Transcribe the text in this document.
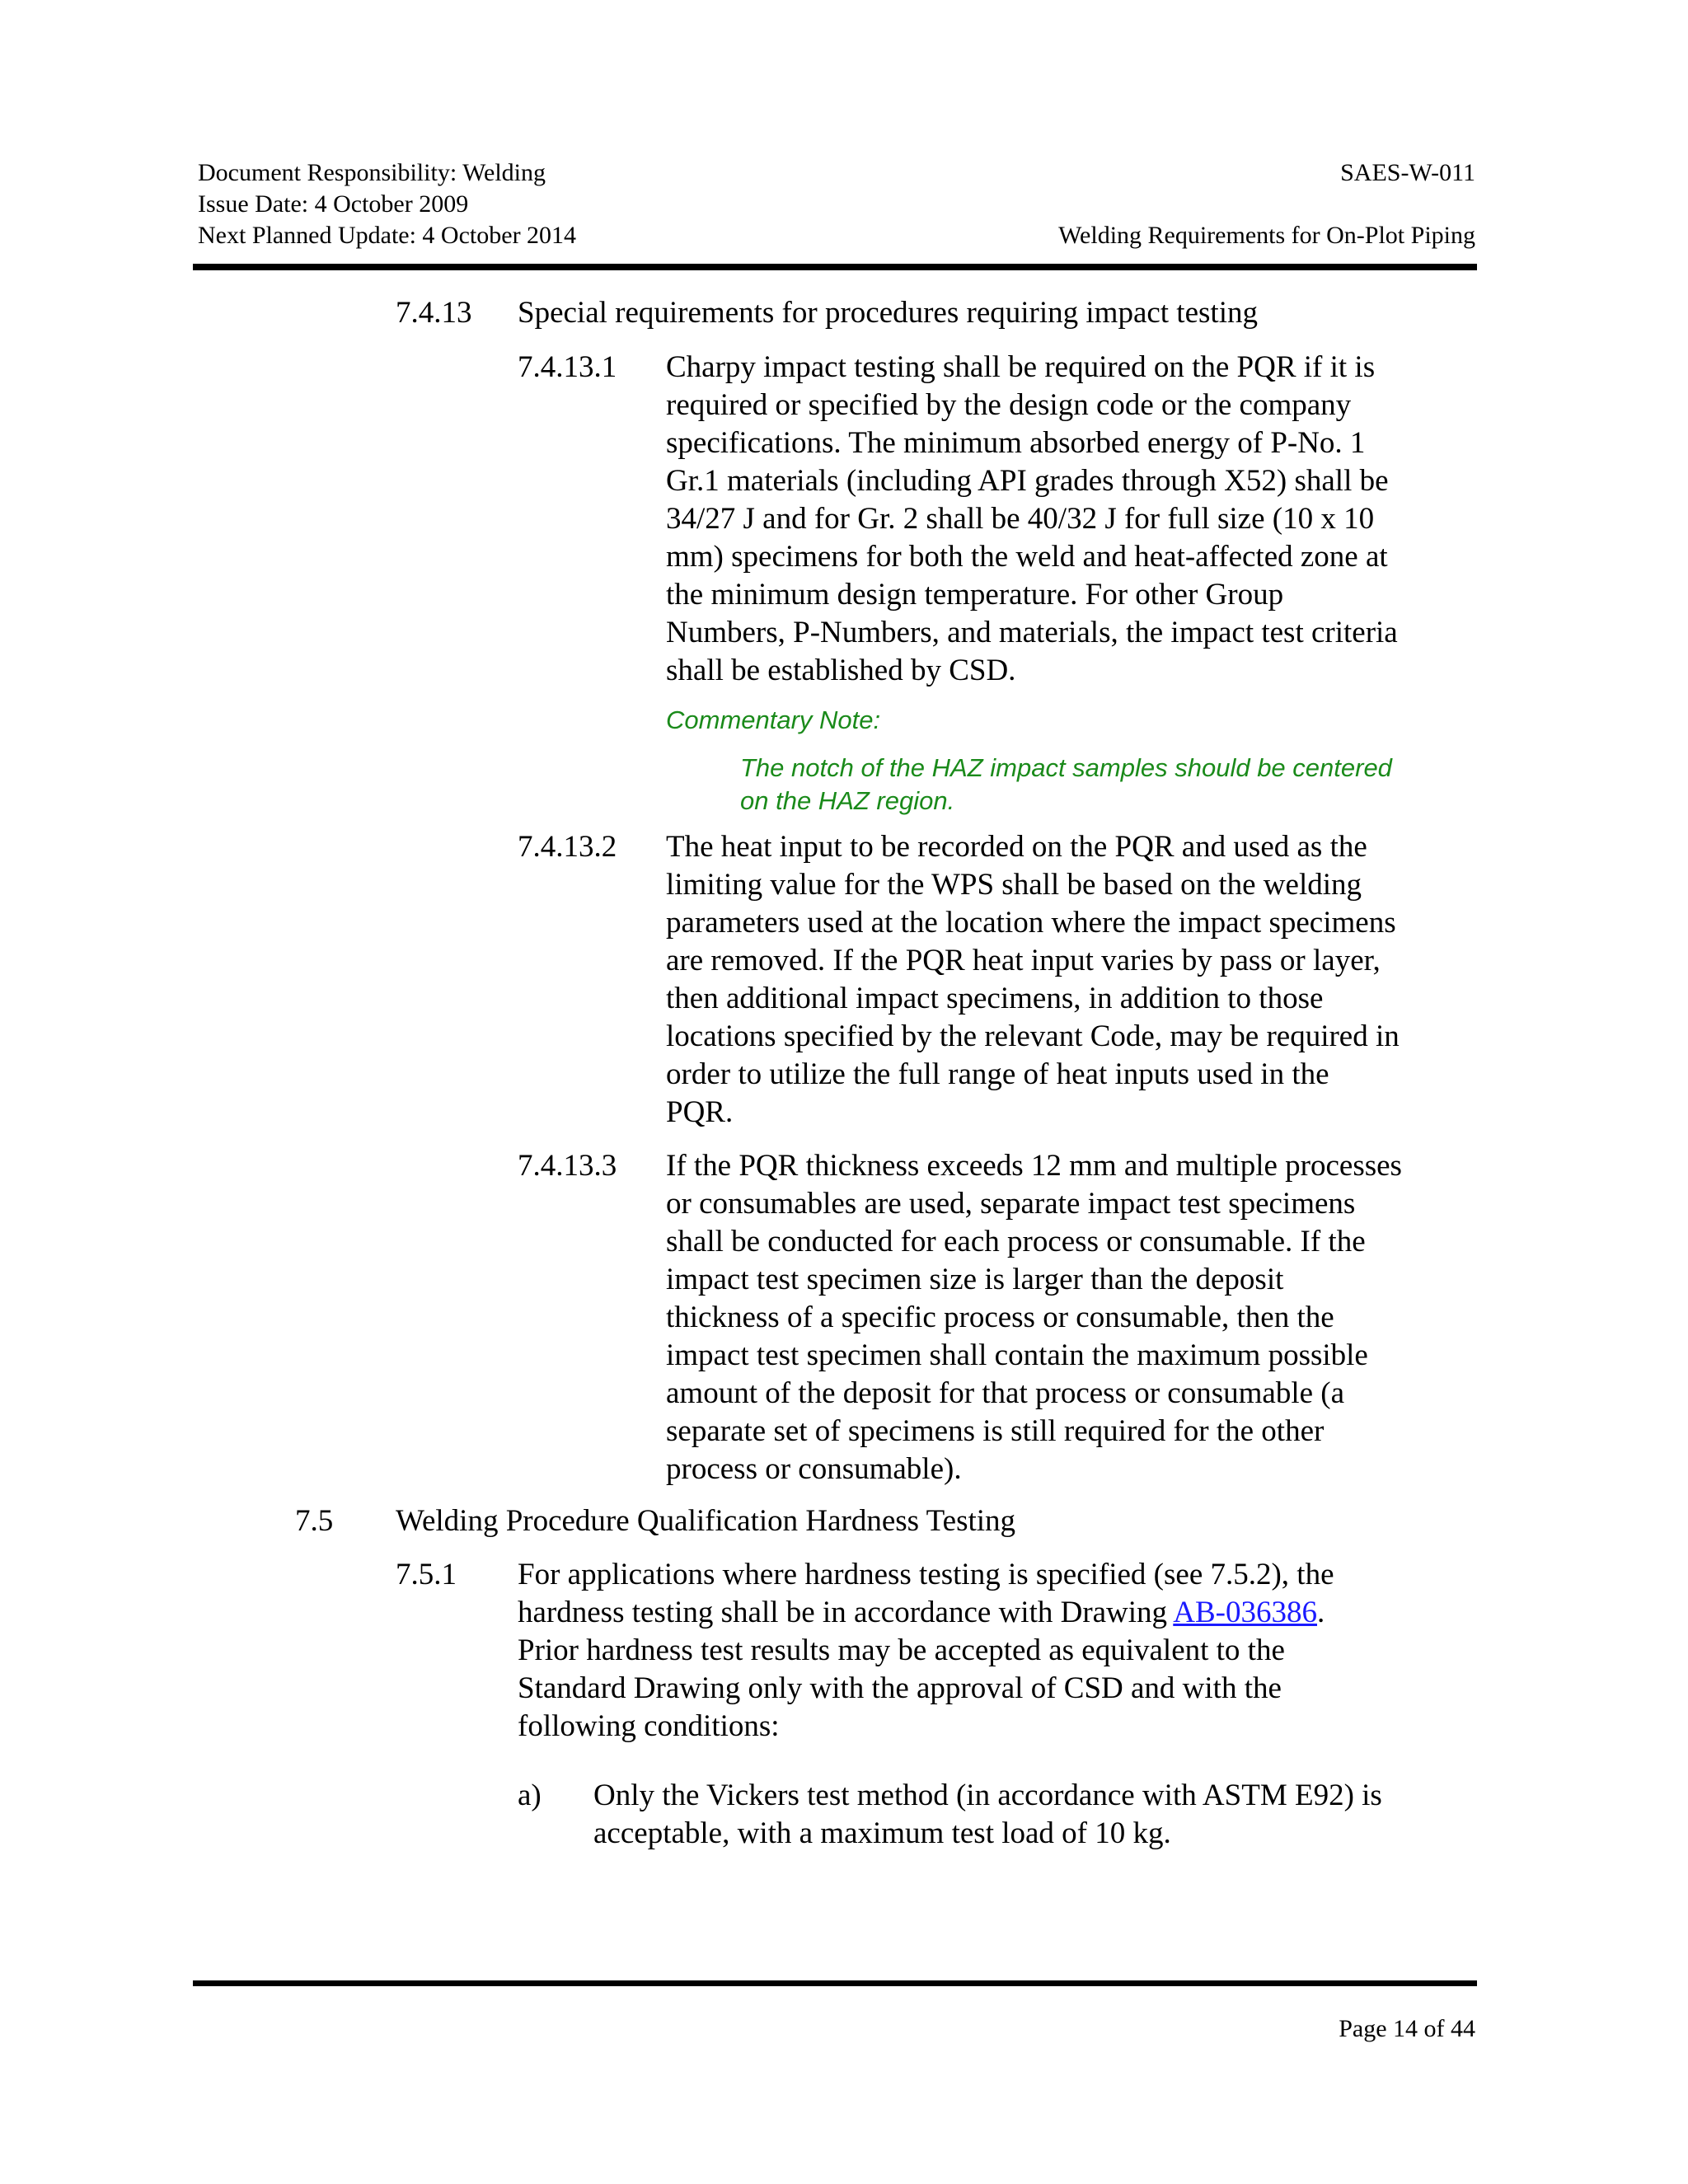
Document Responsibility: Welding
Issue Date: 4 October 2009
Next Planned Update: 4 October 2014
SAES-W-011
Welding Requirements for On-Plot Piping
7.4.13 Special requirements for procedures requiring impact testing
7.4.13.1 Charpy impact testing shall be required on the PQR if it is
required or specified by the design code or the company
specifications. The minimum absorbed energy of P-No. 1
Gr.1 materials (including API grades through X52) shall be
34/27 J and for Gr. 2 shall be 40/32 J for full size (10 x 10
mm) specimens for both the weld and heat-affected zone at
the minimum design temperature. For other Group
Numbers, P-Numbers, and materials, the impact test criteria
shall be established by CSD.
Commentary Note:
The notch of the HAZ impact samples should be centered
on the HAZ region.
7.4.13.2 The heat input to be recorded on the PQR and used as the
limiting value for the WPS shall be based on the welding
parameters used at the location where the impact specimens
are removed. If the PQR heat input varies by pass or layer,
then additional impact specimens, in addition to those
locations specified by the relevant Code, may be required in
order to utilize the full range of heat inputs used in the
PQR.
7.4.13.3 If the PQR thickness exceeds 12 mm and multiple processes
or consumables are used, separate impact test specimens
shall be conducted for each process or consumable. If the
impact test specimen size is larger than the deposit
thickness of a specific process or consumable, then the
impact test specimen shall contain the maximum possible
amount of the deposit for that process or consumable (a
separate set of specimens is still required for the other
process or consumable).
7.5 Welding Procedure Qualification Hardness Testing
7.5.1 For applications where hardness testing is specified (see 7.5.2), the
hardness testing shall be in accordance with Drawing AB-036386.
Prior hardness test results may be accepted as equivalent to the
Standard Drawing only with the approval of CSD and with the
following conditions:
a) Only the Vickers test method (in accordance with ASTM E92) is
acceptable, with a maximum test load of 10 kg.
Page 14 of 44
